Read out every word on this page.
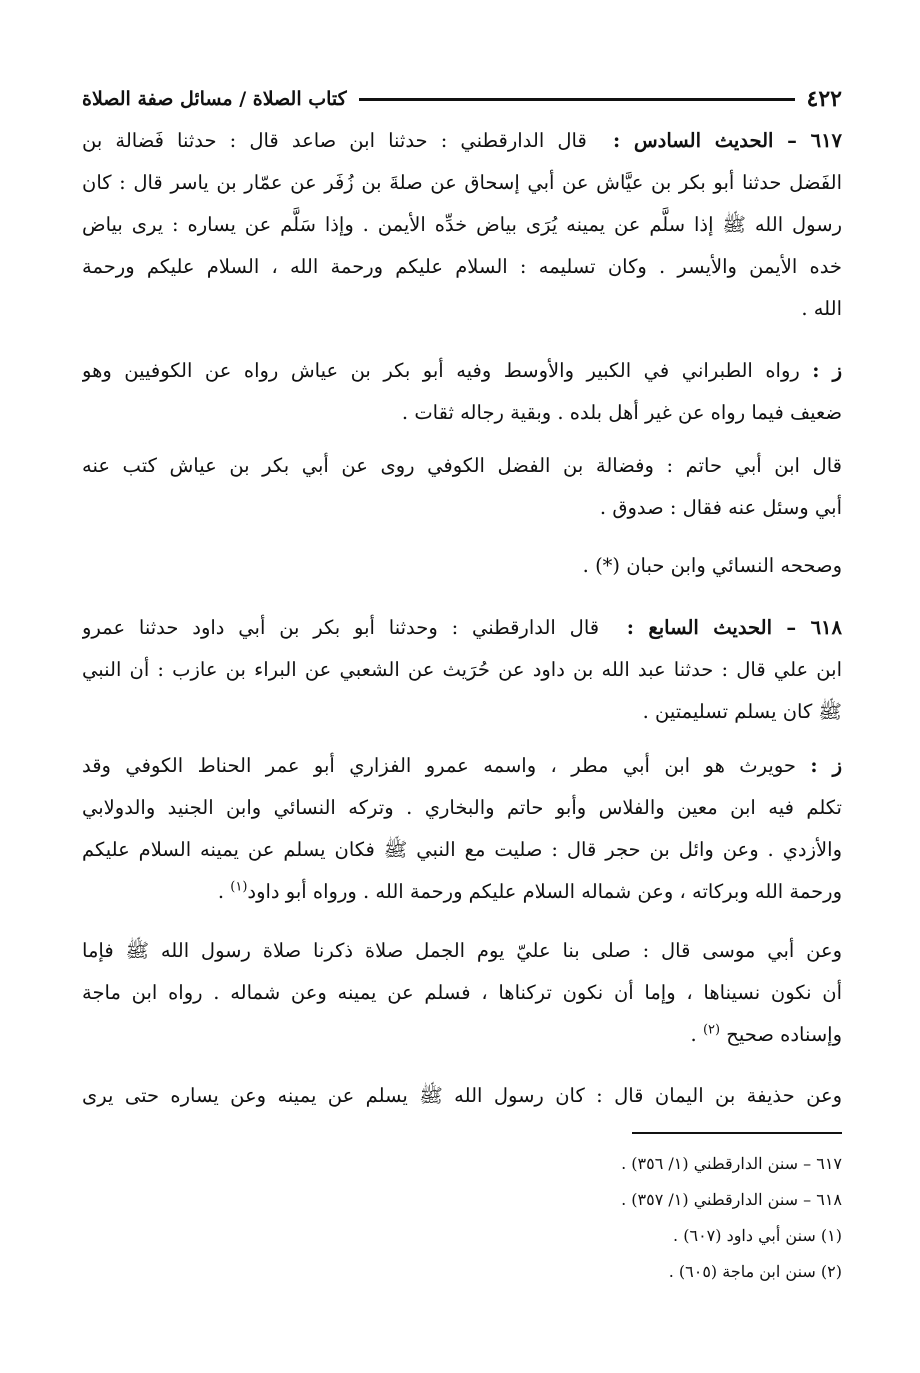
٤٢٢
كتاب الصلاة / مسائل صفة الصلاة
٦١٧ – الحديث السادس :  قال الدارقطني : حدثنا ابن صاعد قال : حدثنا فَضالة بن
الفَضل حدثنا أبو بكر بن عيَّاش عن أبي إسحاق عن صلةَ بن زُفَر عن عمّار بن ياسر قال : كان
رسول الله ﷺ إذا سلَّم عن يمينه يُرَى بياض خدِّه الأيمن . وإذا سَلَّم عن يساره : يرى بياض
خده الأيمن والأيسر . وكان تسليمه : السلام عليكم ورحمة الله ، السلام عليكم ورحمة
الله .
ز : رواه الطبراني في الكبير والأوسط وفيه أبو بكر بن عياش رواه عن الكوفيين وهو
ضعيف فيما رواه عن غير أهل بلده . وبقية رجاله ثقات .
قال ابن أبي حاتم : وفضالة بن الفضل الكوفي روى عن أبي بكر بن عياش كتب عنه
أبي وسئل عنه فقال : صدوق .
وصححه النسائي وابن حبان (*) .
٦١٨ – الحديث السابع :  قال الدارقطني : وحدثنا أبو بكر بن أبي داود حدثنا عمرو
ابن علي قال : حدثنا عبد الله بن داود عن حُرَيث عن الشعبي عن البراء بن عازب : أن النبي
ﷺ كان يسلم تسليمتين .
ز : حويرث هو ابن أبي مطر ، واسمه عمرو الفزاري أبو عمر الحناط الكوفي وقد
تكلم فيه ابن معين والفلاس وأبو حاتم والبخاري . وتركه النسائي وابن الجنيد والدولابي
والأزدي . وعن وائل بن حجر قال : صليت مع النبي ﷺ فكان يسلم عن يمينه السلام عليكم
ورحمة الله وبركاته ، وعن شماله السلام عليكم ورحمة الله . ورواه أبو داود$^{(١)}$ .
وعن أبي موسى قال : صلى بنا عليّ يوم الجمل صلاة ذكرنا صلاة رسول الله ﷺ فإما
أن نكون نسيناها ، وإما أن نكون تركناها ، فسلم عن يمينه وعن شماله . رواه ابن ماجة
وإسناده صحيح $^{(٢)}$ .
وعن حذيفة بن اليمان قال : كان رسول الله ﷺ يسلم عن يمينه وعن يساره حتى يرى
٦١٧ – سنن الدارقطني (١/ ٣٥٦) .
٦١٨ – سنن الدارقطني (١/ ٣٥٧) .
(١) سنن أبي داود (٦٠٧) .
(٢) سنن ابن ماجة (٦٠٥) .
